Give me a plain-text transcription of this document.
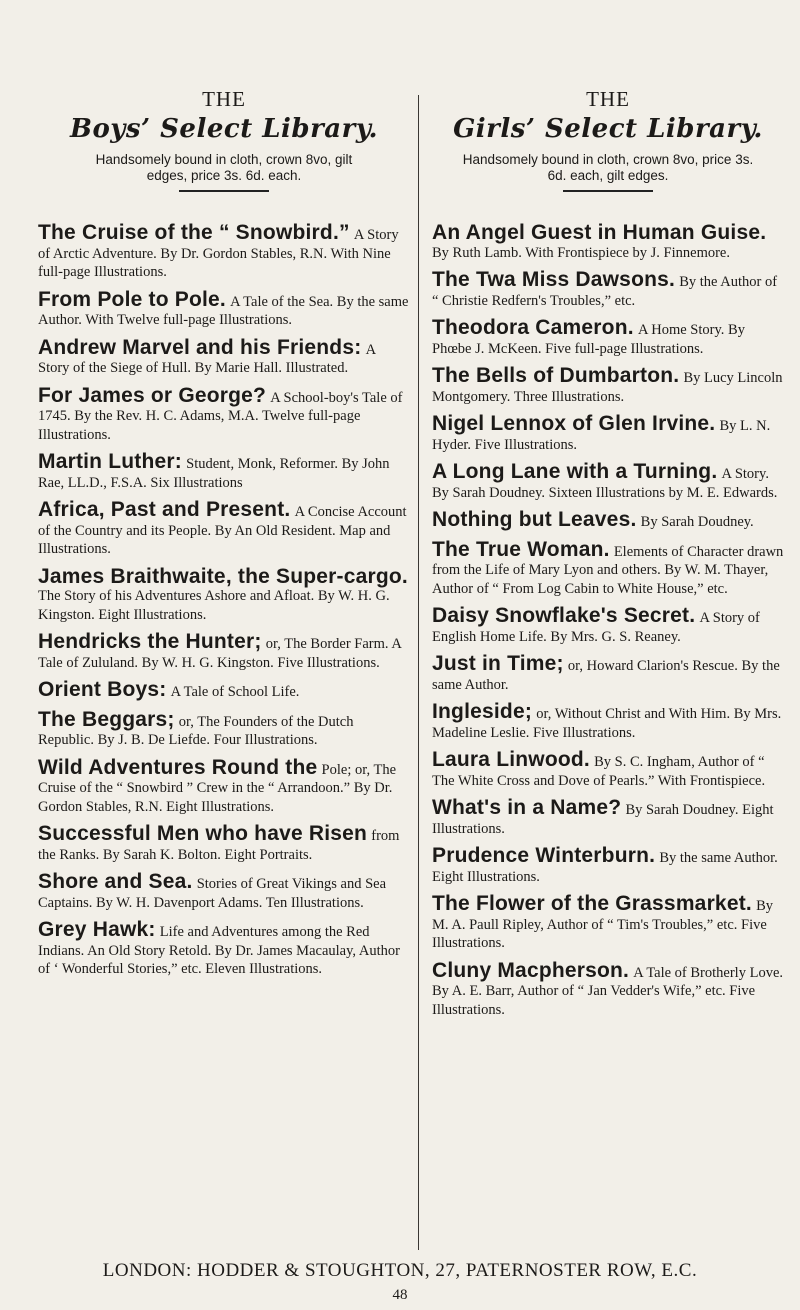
THE

Boys’ Select Library.

Handsomely bound in cloth, crown 8vo, gilt edges, price 3s. 6d. each.

The Cruise of the “ Snowbird.” A Story of Arctic Adventure. By Dr. Gordon Stables, R.N. With Nine full-page Illustrations.

From Pole to Pole. A Tale of the Sea. By the same Author. With Twelve full-page Illustrations.

Andrew Marvel and his Friends: A Story of the Siege of Hull. By Marie Hall. Illustrated.

For James or George? A School-boy's Tale of 1745. By the Rev. H. C. Adams, M.A. Twelve full-page Illustrations.

Martin Luther: Student, Monk, Reformer. By John Rae, LL.D., F.S.A. Six Illustrations

Africa, Past and Present. A Concise Account of the Country and its People. By An Old Resident. Map and Illustrations.

James Braithwaite, the Super-cargo. The Story of his Adventures Ashore and Afloat. By W. H. G. Kingston. Eight Illustrations.

Hendricks the Hunter; or, The Border Farm. A Tale of Zululand. By W. H. G. Kingston. Five Illustrations.

Orient Boys: A Tale of School Life.

The Beggars; or, The Founders of the Dutch Republic. By J. B. De Liefde. Four Illustrations.

Wild Adventures Round the Pole; or, The Cruise of the “ Snowbird ” Crew in the “ Arrandoon.” By Dr. Gordon Stables, R.N. Eight Illustrations.

Successful Men who have Risen from the Ranks. By Sarah K. Bolton. Eight Portraits.

Shore and Sea. Stories of Great Vikings and Sea Captains. By W. H. Davenport Adams. Ten Illustrations.

Grey Hawk: Life and Adventures among the Red Indians. An Old Story Retold. By Dr. James Macaulay, Author of ‘ Wonderful Stories,” etc. Eleven Illustrations.

THE

Girls’ Select Library.

Handsomely bound in cloth, crown 8vo, price 3s. 6d. each, gilt edges.

An Angel Guest in Human Guise. By Ruth Lamb. With Frontispiece by J. Finnemore.

The Twa Miss Dawsons. By the Author of “ Christie Redfern's Troubles,” etc.

Theodora Cameron. A Home Story. By Phœbe J. McKeen. Five full-page Illustrations.

The Bells of Dumbarton. By Lucy Lincoln Montgomery. Three Illustrations.

Nigel Lennox of Glen Irvine. By L. N. Hyder. Five Illustrations.

A Long Lane with a Turning. A Story. By Sarah Doudney. Sixteen Illustrations by M. E. Edwards.

Nothing but Leaves. By Sarah Doudney.

The True Woman. Elements of Character drawn from the Life of Mary Lyon and others. By W. M. Thayer, Author of “ From Log Cabin to White House,” etc.

Daisy Snowflake's Secret. A Story of English Home Life. By Mrs. G. S. Reaney.

Just in Time; or, Howard Clarion's Rescue. By the same Author.

Ingleside; or, Without Christ and With Him. By Mrs. Madeline Leslie. Five Illustrations.

Laura Linwood. By S. C. Ingham, Author of “ The White Cross and Dove of Pearls.” With Frontispiece.

What's in a Name? By Sarah Doudney. Eight Illustrations.

Prudence Winterburn. By the same Author. Eight Illustrations.

The Flower of the Grassmarket. By M. A. Paull Ripley, Author of “ Tim's Troubles,” etc. Five Illustrations.

Cluny Macpherson. A Tale of Brotherly Love. By A. E. Barr, Author of “ Jan Vedder's Wife,” etc. Five Illustrations.

LONDON: HODDER & STOUGHTON, 27, PATERNOSTER ROW, E.C.
48
